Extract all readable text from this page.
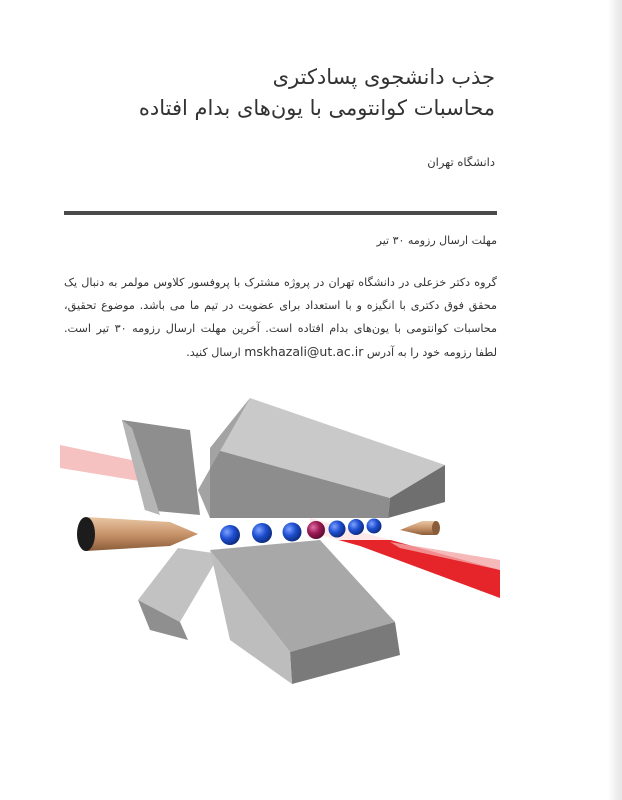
جذب دانشجوی پسادکتری
محاسبات کوانتومی با یون‌های بدام افتاده
دانشگاه تهران
مهلت ارسال رزومه ۳۰ تیر

گروه دکتر خزعلی در دانشگاه تهران در پروژه مشترک با پروفسور کلاوس مولمر به دنبال یک محقق فوق دکتری با انگیزه و با استعداد برای عضویت در تیم ما می باشد. موضوع تحقیق، محاسبات کوانتومی با یون‌های بدام افتاده است. آخرین مهلت ارسال رزومه ۳۰ تیر است. لطفا رزومه خود را به آدرس mskhazali@ut.ac.ir ارسال کنید.
